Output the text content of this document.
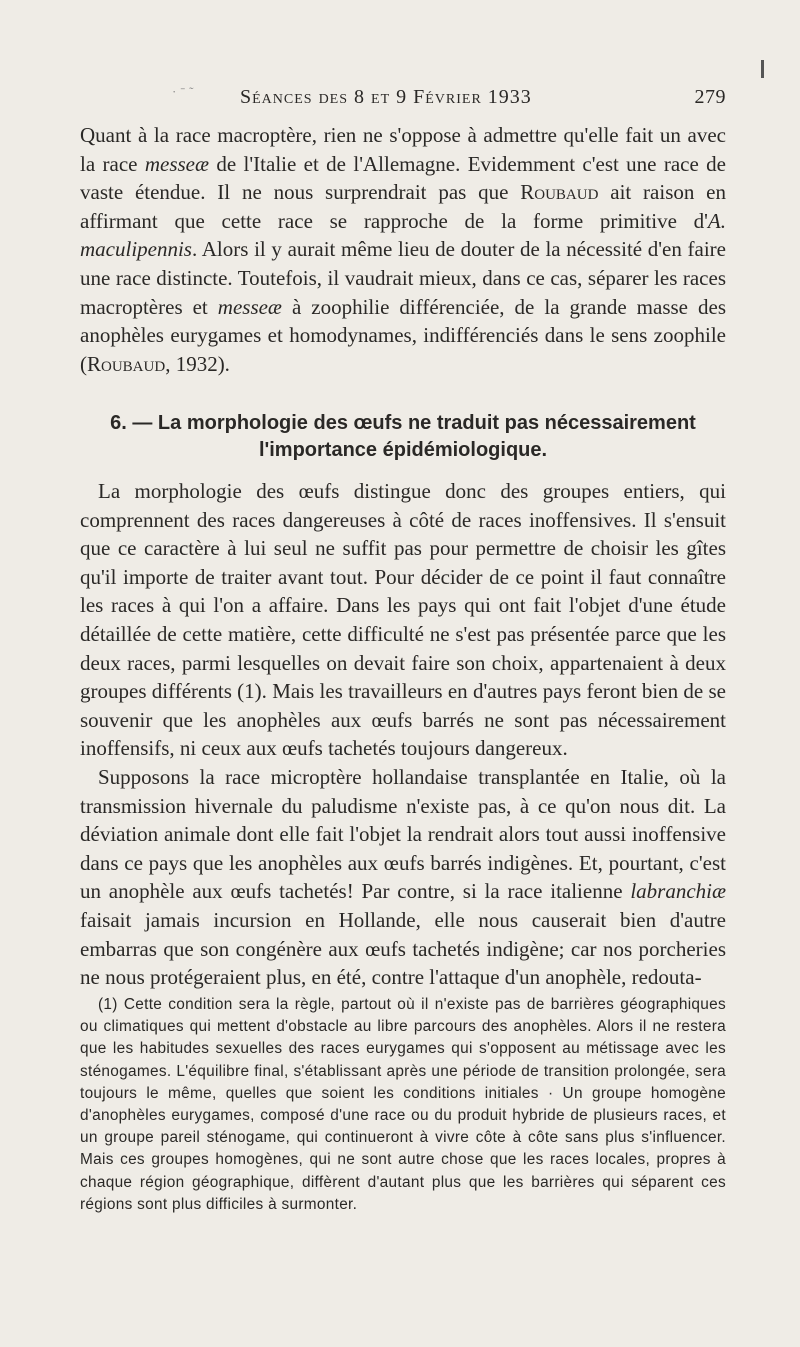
· ˉ ˜ Séances des 8 et 9 Février 1933	279

Quant à la race macroptère, rien ne s'oppose à admettre qu'elle fait un avec la race messeæ de l'Italie et de l'Allemagne. Evidemment c'est une race de vaste étendue. Il ne nous surprendrait pas que Roubaud ait raison en affirmant que cette race se rapproche de la forme primitive d'A. maculipennis. Alors il y aurait même lieu de douter de la nécessité d'en faire une race distincte. Toutefois, il vaudrait mieux, dans ce cas, séparer les races macroptères et messeæ à zoophilie différenciée, de la grande masse des anophèles eurygames et homodynames, indifférenciés dans le sens zoophile (Roubaud, 1932).

6. — La morphologie des œufs ne traduit pas nécessairement
l'importance épidémiologique.

La morphologie des œufs distingue donc des groupes entiers, qui comprennent des races dangereuses à côté de races inoffensives. Il s'ensuit que ce caractère à lui seul ne suffit pas pour permettre de choisir les gîtes qu'il importe de traiter avant tout. Pour décider de ce point il faut connaître les races à qui l'on a affaire. Dans les pays qui ont fait l'objet d'une étude détaillée de cette matière, cette difficulté ne s'est pas présentée parce que les deux races, parmi lesquelles on devait faire son choix, appartenaient à deux groupes différents (1). Mais les travailleurs en d'autres pays feront bien de se souvenir que les anophèles aux œufs barrés ne sont pas nécessairement inoffensifs, ni ceux aux œufs tachetés toujours dangereux.

Supposons la race microptère hollandaise transplantée en Italie, où la transmission hivernale du paludisme n'existe pas, à ce qu'on nous dit. La déviation animale dont elle fait l'objet la rendrait alors tout aussi inoffensive dans ce pays que les anophèles aux œufs barrés indigènes. Et, pourtant, c'est un anophèle aux œufs tachetés! Par contre, si la race italienne labranchiæ faisait jamais incursion en Hollande, elle nous causerait bien d'autre embarras que son congénère aux œufs tachetés indigène; car nos porcheries ne nous protégeraient plus, en été, contre l'attaque d'un anophèle, redouta-

(1) Cette condition sera la règle, partout où il n'existe pas de barrières géographiques ou climatiques qui mettent d'obstacle au libre parcours des anophèles. Alors il ne restera que les habitudes sexuelles des races eurygames qui s'opposent au métissage avec les sténogames. L'équilibre final, s'établissant après une période de transition prolongée, sera toujours le même, quelles que soient les conditions initiales · Un groupe homogène d'anophèles eurygames, composé d'une race ou du produit hybride de plusieurs races, et un groupe pareil sténogame, qui continueront à vivre côte à côte sans plus s'influencer. Mais ces groupes homogènes, qui ne sont autre chose que les races locales, propres à chaque région géographique, diffèrent d'autant plus que les barrières qui séparent ces régions sont plus difficiles à surmonter.
